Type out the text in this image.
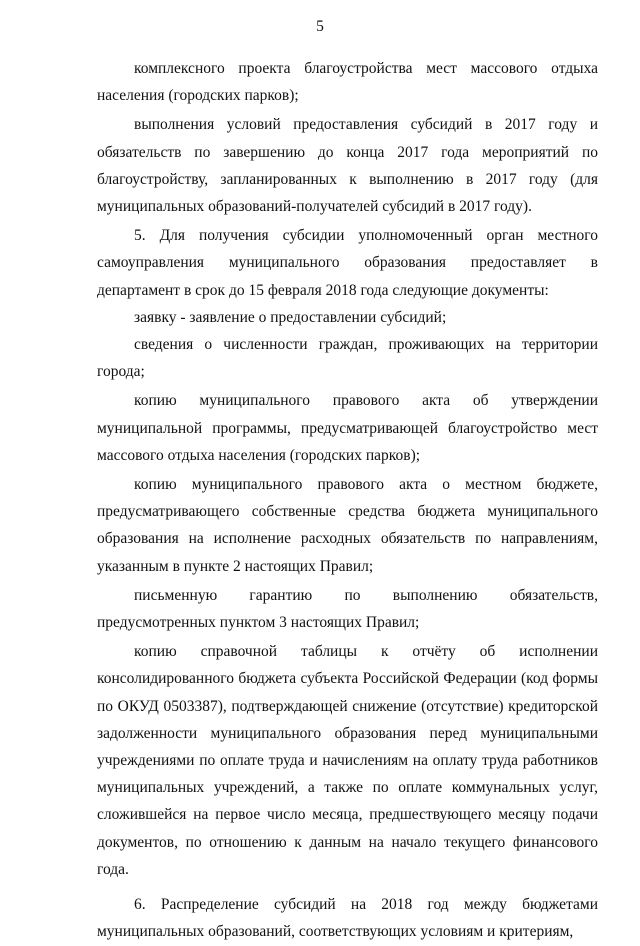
5

комплексного проекта благоустройства мест массового отдыха населения (городских парков);

выполнения условий предоставления субсидий в 2017 году и обязательств по завершению до конца 2017 года мероприятий по благоустройству, запланированных к выполнению в 2017 году (для муниципальных образований-получателей субсидий в 2017 году).

5. Для получения субсидии уполномоченный орган местного самоуправления муниципального образования предоставляет в департамент в срок до 15 февраля 2018 года следующие документы:

заявку - заявление о предоставлении субсидий;

сведения о численности граждан, проживающих на территории города;

копию муниципального правового акта об утверждении муниципальной программы, предусматривающей благоустройство мест массового отдыха населения (городских парков);

копию муниципального правового акта о местном бюджете, предусматривающего собственные средства бюджета муниципального образования на исполнение расходных обязательств по направлениям, указанным в пункте 2 настоящих Правил;

письменную гарантию по выполнению обязательств, предусмотренных пунктом 3 настоящих Правил;

копию справочной таблицы к отчёту об исполнении консолидированного бюджета субъекта Российской Федерации (код формы по ОКУД 0503387), подтверждающей снижение (отсутствие) кредиторской задолженности муниципального образования перед муниципальными учреждениями по оплате труда и начислениям на оплату труда работников муниципальных учреждений, а также по оплате коммунальных услуг, сложившейся на первое число месяца, предшествующего месяцу подачи документов, по отношению к данным на начало текущего финансового года.

6. Распределение субсидий на 2018 год между бюджетами муниципальных образований, соответствующих условиям и критериям,
